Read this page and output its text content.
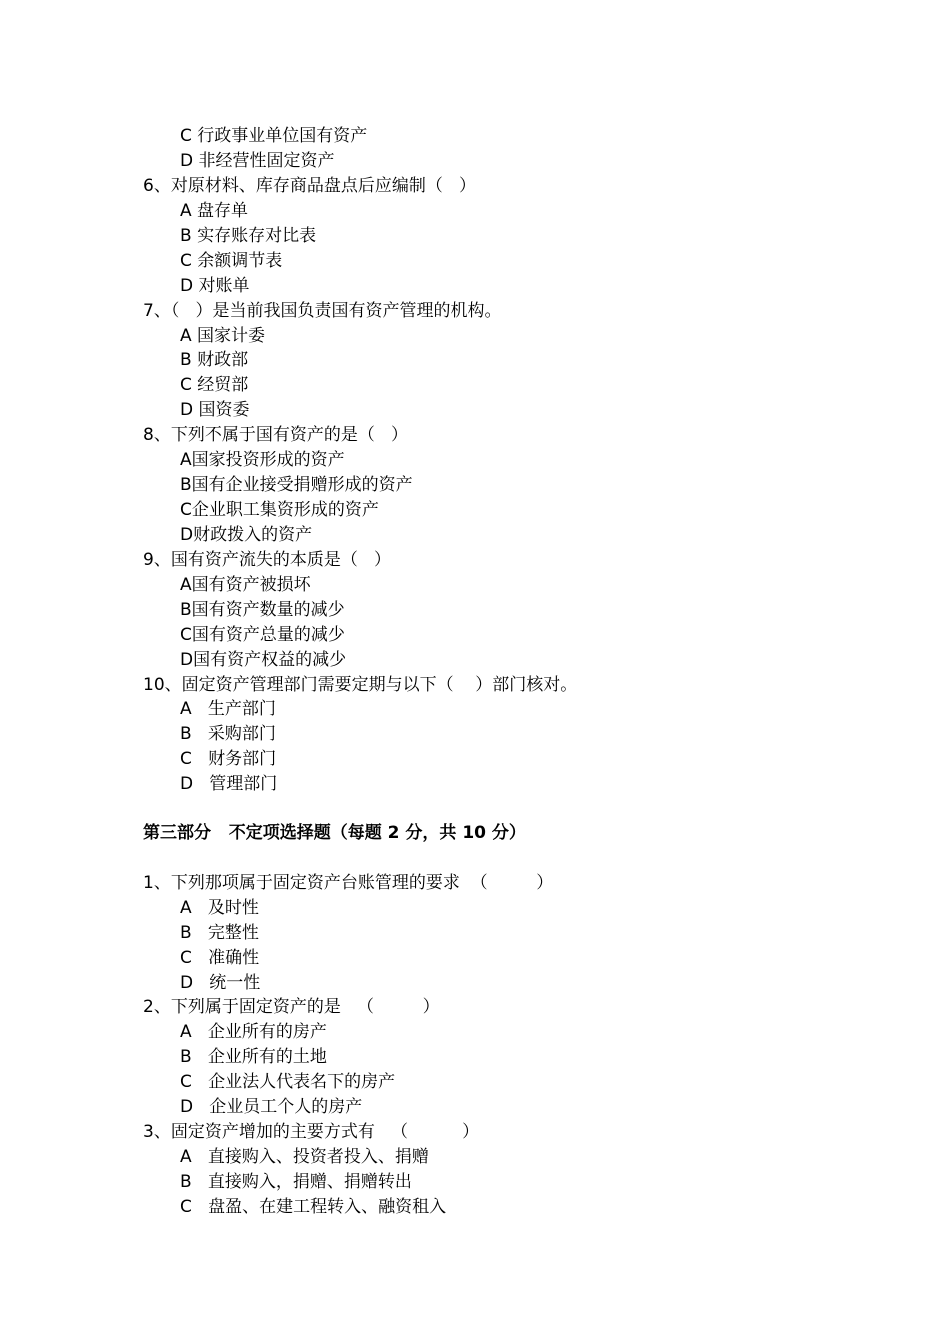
C 行政事业单位国有资产
D 非经营性固定资产
6、对原材料、库存商品盘点后应编制（   ）
A 盘存单
B 实存账存对比表
C 余额调节表
D 对账单
7、（   ）是当前我国负责国有资产管理的机构。
A 国家计委
B 财政部
C 经贸部
D 国资委
8、下列不属于国有资产的是（   ）
A国家投资形成的资产
B国有企业接受捐赠形成的资产
C企业职工集资形成的资产
D财政拨入的资产
9、国有资产流失的本质是（   ）
A国有资产被损坏
B国有资产数量的减少
C国有资产总量的减少
D国有资产权益的减少
10、固定资产管理部门需要定期与以下（    ）部门核对。
A   生产部门
B   采购部门
C   财务部门
D   管理部门
第三部分   不定项选择题（每题 2 分，共 10 分）
1、下列那项属于固定资产台账管理的要求  （         ）
A   及时性
B   完整性
C   准确性
D   统一性
2、下列属于固定资产的是   （         ）
A   企业所有的房产
B   企业所有的土地
C   企业法人代表名下的房产
D   企业员工个人的房产
3、固定资产增加的主要方式有   （          ）
A   直接购入、投资者投入、捐赠
B   直接购入，捐赠、捐赠转出
C   盘盈、在建工程转入、融资租入
